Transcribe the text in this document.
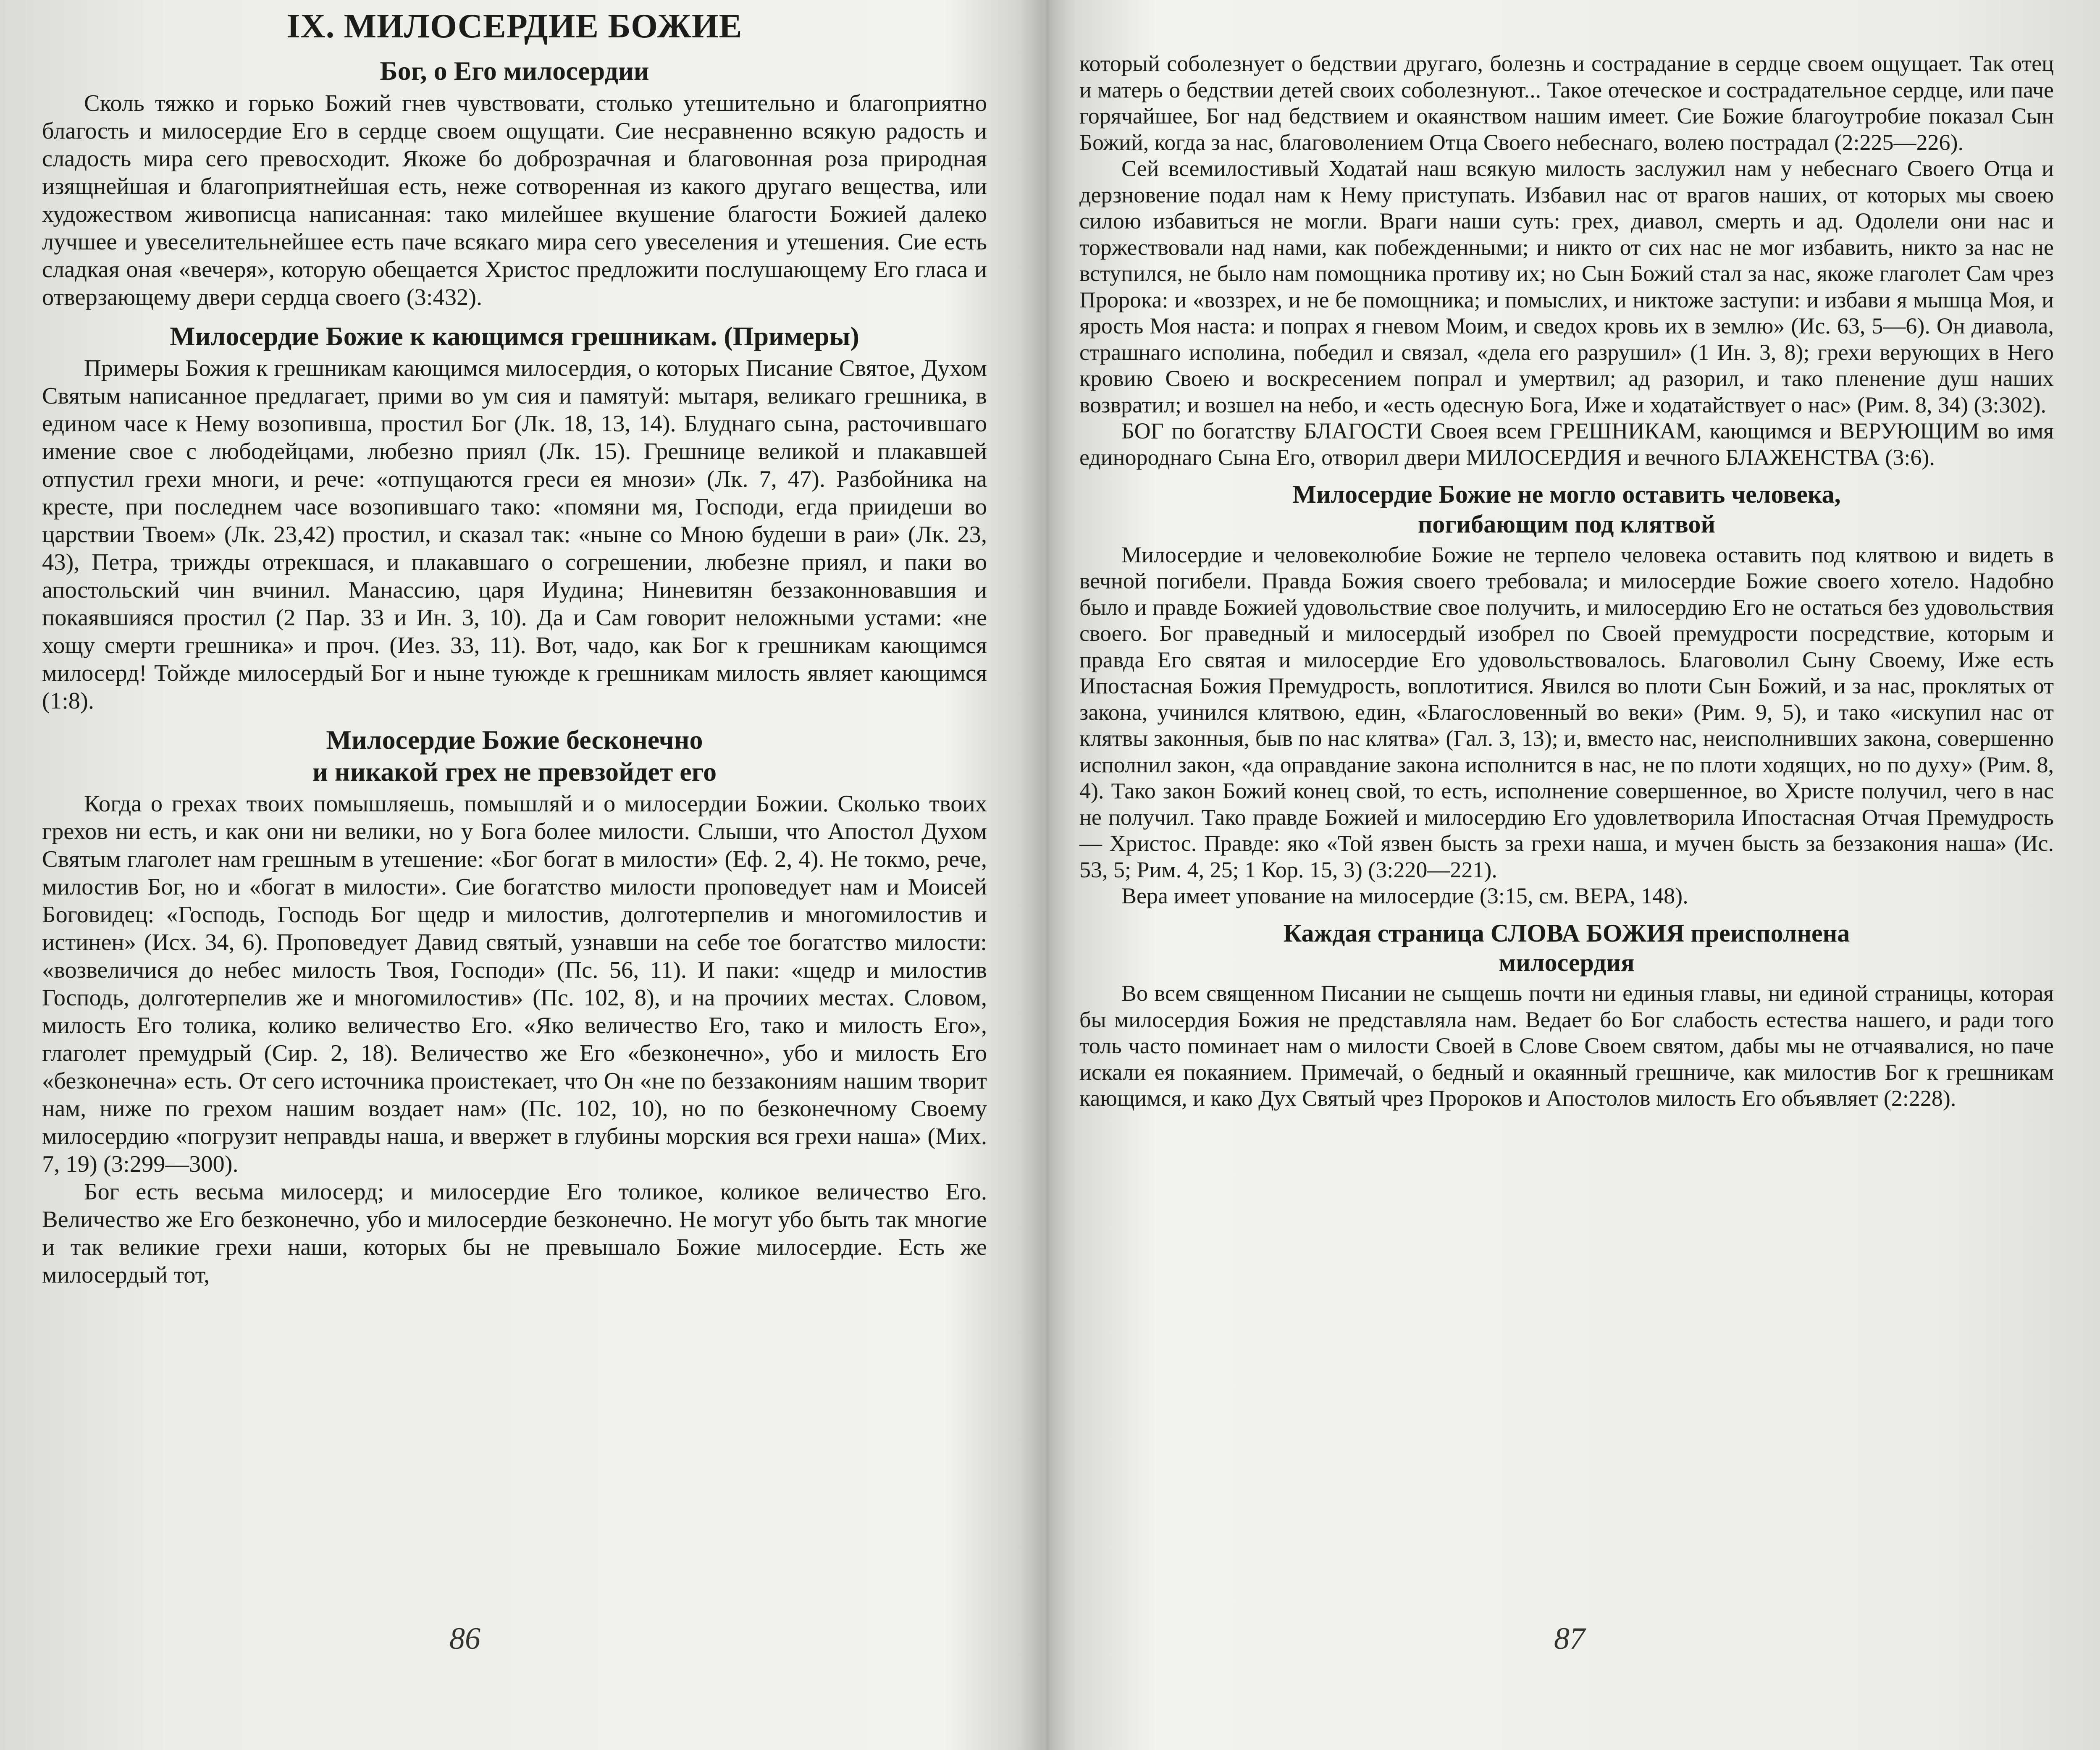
IX. МИЛОСЕРДИЕ БОЖИЕ
Бог, о Его милосердии

Сколь тяжко и горько Божий гнев чувствовати, столько утешительно и благоприятно благость и милосердие Его в сердце своем ощущати. Сие несравненно всякую радость и сладость мира сего превосходит. Якоже бо доброзрачная и благовонная роза природная изящнейшая и благоприятнейшая есть, неже сотворенная из какого другаго вещества, или художеством живописца написанная: тако милейшее вкушение благости Божией далеко лучшее и увеселительнейшее есть паче всякаго мира сего увеселения и утешения. Сие есть сладкая оная «вечеря», которую обещается Христос предложити послушающему Его гласа и отверзающему двери сердца своего (3:432).

Милосердие Божие к кающимся грешникам. (Примеры)

Примеры Божия к грешникам кающимся милосердия, о которых Писание Святое, Духом Святым написанное предлагает, прими во ум сия и памятуй: мытаря, великаго грешника, в едином часе к Нему возопивша, простил Бог (Лк. 18, 13, 14). Блуднаго сына, расточившаго имение свое с любодейцами, любезно приял (Лк. 15). Грешнице великой и плакавшей отпустил грехи многи, и рече: «отпущаются греси ея мнози» (Лк. 7, 47). Разбойника на кресте, при последнем часе возопившаго тако: «помяни мя, Господи, егда приидеши во царствии Твоем» (Лк. 23,42) простил, и сказал так: «ныне со Мною будеши в раи» (Лк. 23, 43), Петра, трижды отрекшася, и плакавшаго о согрешении, любезне приял, и паки во апостольский чин вчинил. Манассию, царя Иудина; Ниневитян беззаконновавшия и покаявшияся простил (2 Пар. 33 и Ин. 3, 10). Да и Сам говорит неложными устами: «не хощу смерти грешника» и проч. (Иез. 33, 11). Вот, чадо, как Бог к грешникам кающимся милосерд! Тойжде милосердый Бог и ныне туюжде к грешникам милость являет кающимся (1:8).

Милосердие Божие бесконечно
и никакой грех не превзойдет его

Когда о грехах твоих помышляешь, помышляй и о милосердии Божии. Сколько твоих грехов ни есть, и как они ни велики, но у Бога более милости. Слыши, что Апостол Духом Святым глаголет нам грешным в утешение: «Бог богат в милости» (Еф. 2, 4). Не токмо, рече, милостив Бог, но и «богат в милости». Сие богатство милости проповедует нам и Моисей Боговидец: «Господь, Господь Бог щедр и милостив, долготерпелив и многомилостив и истинен» (Исх. 34, 6). Проповедует Давид святый, узнавши на себе тое богатство милости: «возвеличися до небес милость Твоя, Господи» (Пс. 56, 11). И паки: «щедр и милостив Господь, долготерпелив же и многомилостив» (Пс. 102, 8), и на прочиих местах. Словом, милость Его толика, колико величество Его. «Яко величество Его, тако и милость Его», глаголет премудрый (Сир. 2, 18). Величество же Его «безконечно», убо и милость Его «безконечна» есть. От сего источника проистекает, что Он «не по беззакониям нашим творит нам, ниже по грехом нашим воздает нам» (Пс. 102, 10), но по безконечному Своему милосердию «погрузит неправды наша, и ввержет в глубины морския вся грехи наша» (Мих. 7, 19) (3:299—300).

Бог есть весьма милосерд; и милосердие Его толикое, коликое величество Его. Величество же Его безконечно, убо и милосердие безконечно. Не могут убо быть так многие и так великие грехи наши, которых бы не превышало Божие милосердие. Есть же милосердый тот,

который соболезнует о бедствии другаго, болезнь и сострадание в сердце своем ощущает. Так отец и матерь о бедствии детей своих соболезнуют... Такое отеческое и сострадательное сердце, или паче горячайшее, Бог над бедствием и окаянством нашим имеет. Сие Божие благоутробие показал Сын Божий, когда за нас, благоволением Отца Своего небеснаго, волею пострадал (2:225—226).

Сей всемилостивый Ходатай наш всякую милость заслужил нам у небеснаго Своего Отца и дерзновение подал нам к Нему приступать. Избавил нас от врагов наших, от которых мы своею силою избавиться не могли. Враги наши суть: грех, диавол, смерть и ад. Одолели они нас и торжествовали над нами, как побежденными; и никто от сих нас не мог избавить, никто за нас не вступился, не было нам помощника противу их; но Сын Божий стал за нас, якоже глаголет Сам чрез Пророка: и «воззрех, и не бе помощника; и помыслих, и никтоже заступи: и избави я мышца Моя, и ярость Моя наста: и попрах я гневом Моим, и сведох кровь их в землю» (Ис. 63, 5—6). Он диавола, страшнаго исполина, победил и связал, «дела его разрушил» (1 Ин. 3, 8); грехи верующих в Него кровию Своею и воскресением попрал и умертвил; ад разорил, и тако пленение душ наших возвратил; и возшел на небо, и «есть одесную Бога, Иже и ходатайствует о нас» (Рим. 8, 34) (3:302).

БОГ по богатству БЛАГОСТИ Своея всем ГРЕШНИКАМ, кающимся и ВЕРУЮЩИМ во имя единороднаго Сына Его, отворил двери МИЛОСЕРДИЯ и вечного БЛАЖЕНСТВА (3:6).

Милосердие Божие не могло оставить человека,
погибающим под клятвой

Милосердие и человеколюбие Божие не терпело человека оставить под клятвою и видеть в вечной погибели. Правда Божия своего требовала; и милосердие Божие своего хотело. Надобно было и правде Божией удовольствие свое получить, и милосердию Его не остаться без удовольствия своего. Бог праведный и милосердый изобрел по Своей премудрости посредствие, которым и правда Его святая и милосердие Его удовольствовалось. Благоволил Сыну Своему, Иже есть Ипостасная Божия Премудрость, воплотитися. Явился во плоти Сын Божий, и за нас, проклятых от закона, учинился клятвою, един, «Благословенный во веки» (Рим. 9, 5), и тако «искупил нас от клятвы законныя, быв по нас клятва» (Гал. 3, 13); и, вместо нас, неисполнивших закона, совершенно исполнил закон, «да оправдание закона исполнится в нас, не по плоти ходящих, но по духу» (Рим. 8, 4). Тако закон Божий конец свой, то есть, исполнение совершенное, во Христе получил, чего в нас не получил. Тако правде Божией и милосердию Его удовлетворила Ипостасная Отчая Премудрость — Христос. Правде: яко «Той язвен бысть за грехи наша, и мучен бысть за беззакония наша» (Ис. 53, 5; Рим. 4, 25; 1 Кор. 15, 3) (3:220—221).

Вера имеет упование на милосердие (3:15, см. ВЕРА, 148).

Каждая страница СЛОВА БОЖИЯ преисполнена
милосердия

Во всем священном Писании не сыщешь почти ни единыя главы, ни единой страницы, которая бы милосердия Божия не представляла нам. Ведает бо Бог слабость естества нашего, и ради того толь часто поминает нам о милости Своей в Слове Своем святом, дабы мы не отчаявалися, но паче искали ея покаянием. Примечай, о бедный и окаянный грешниче, как милостив Бог к грешникам кающимся, и како Дух Святый чрез Пророков и Апостолов милость Его объявляет (2:228).

86	87
